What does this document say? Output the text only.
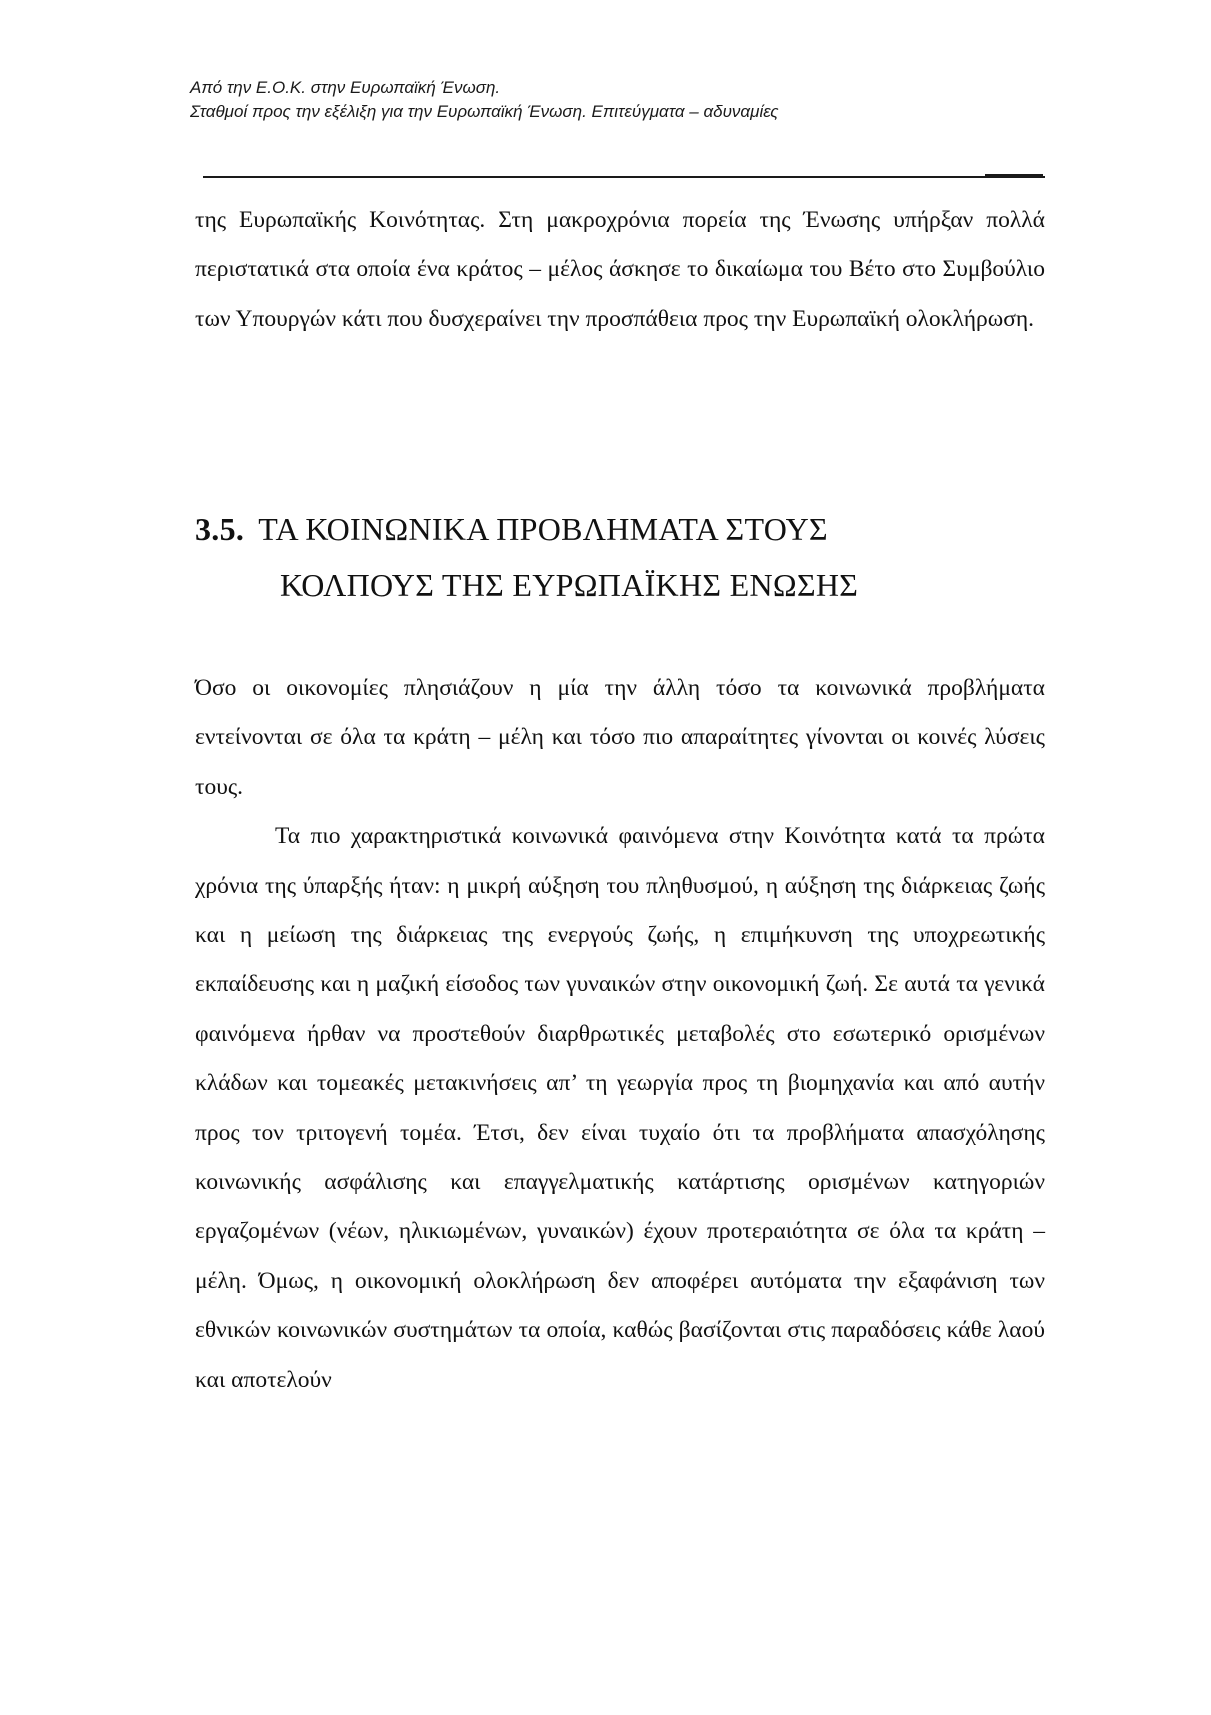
Από την Ε.Ο.Κ. στην Ευρωπαϊκή Ένωση.
Σταθμοί προς την εξέλιξη για την Ευρωπαϊκή Ένωση. Επιτεύγματα – αδυναμίες

της Ευρωπαϊκής Κοινότητας. Στη μακροχρόνια πορεία της Ένωσης υπήρξαν πολλά περιστατικά στα οποία ένα κράτος – μέλος άσκησε το δικαίωμα του Βέτο στο Συμβούλιο των Υπουργών κάτι που δυσχεραίνει την προσπάθεια προς την Ευρωπαϊκή ολοκλήρωση.

3.5. ΤΑ ΚΟΙΝΩΝΙΚΑ ΠΡΟΒΛΗΜΑΤΑ ΣΤΟΥΣ
ΚΟΛΠΟΥΣ ΤΗΣ ΕΥΡΩΠΑΪΚΗΣ ΕΝΩΣΗΣ

Όσο οι οικονομίες πλησιάζουν η μία την άλλη τόσο τα κοινωνικά προβλήματα εντείνονται σε όλα τα κράτη – μέλη και τόσο πιο απαραίτητες γίνονται οι κοινές λύσεις τους.

Τα πιο χαρακτηριστικά κοινωνικά φαινόμενα στην Κοινότητα κατά τα πρώτα χρόνια της ύπαρξής ήταν: η μικρή αύξηση του πληθυσμού, η αύξηση της διάρκειας ζωής και η μείωση της διάρκειας της ενεργούς ζωής, η επιμήκυνση της υποχρεωτικής εκπαίδευσης και η μαζική είσοδος των γυναικών στην οικονομική ζωή. Σε αυτά τα γενικά φαινόμενα ήρθαν να προστεθούν διαρθρωτικές μεταβολές στο εσωτερικό ορισμένων κλάδων και τομεακές μετακινήσεις απ’ τη γεωργία προς τη βιομηχανία και από αυτήν προς τον τριτογενή τομέα. Έτσι, δεν είναι τυχαίο ότι τα προβλήματα απασχόλησης κοινωνικής ασφάλισης και επαγγελματικής κατάρτισης ορισμένων κατηγοριών εργαζομένων (νέων, ηλικιωμένων, γυναικών) έχουν προτεραιότητα σε όλα τα κράτη – μέλη. Όμως, η οικονομική ολοκλήρωση δεν αποφέρει αυτόματα την εξαφάνιση των εθνικών κοινωνικών συστημάτων τα οποία, καθώς βασίζονται στις παραδόσεις κάθε λαού και αποτελούν
